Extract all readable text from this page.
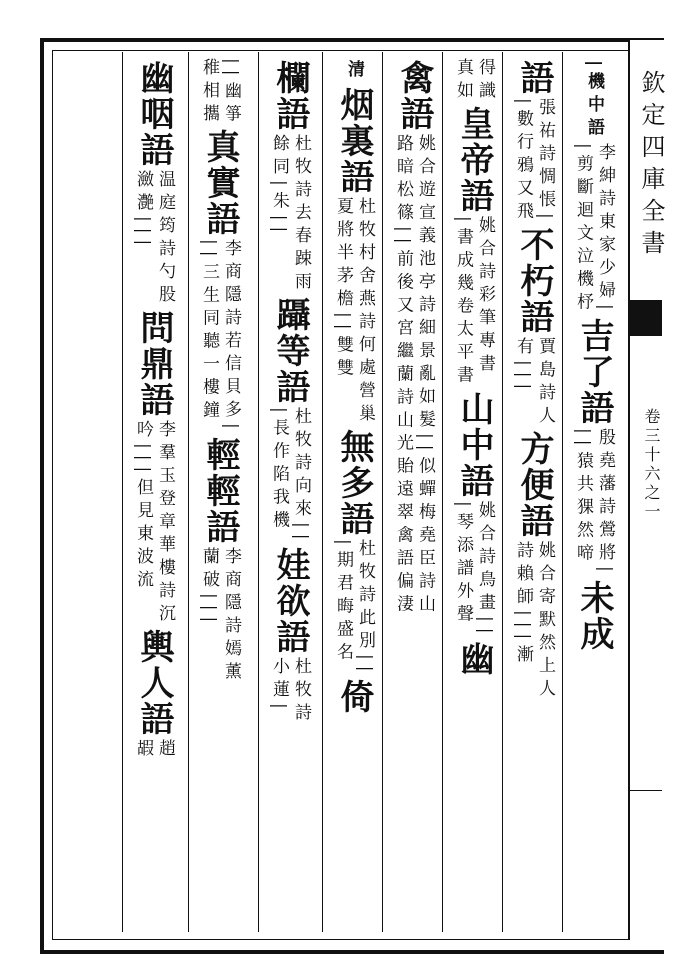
欽定四庫全書
卷三十六之一
|機中語
李紳詩東家少婦|
|剪斷迴文泣機杼
吉了語
殷堯藩詩鶯將|
||猿共猓然啼
未成
語
張祐詩惆悵|
|數行鴉又飛
不朽語
賈島詩人
有|||
方便語
姚合寄默然上人
詩賴師|||漸
得識
真如
皇帝語
姚合詩彩筆專書
|書成幾卷太平書
山中語
姚合詩鳥畫||
|琴添譜外聲
幽
禽語
姚合遊宣義池亭詩細景亂如髮||似蟬梅堯臣詩山
路暗松篠||前後又宮繼蘭詩山光貽遠翠禽語偏淒
清
烟裏語
杜牧村舍燕詩何處營巢
夏將半茅檐||雙雙
無多語
杜牧詩此別||
|期君晦盛名
倚
欄語
杜牧詩去春踈雨
餘同|朱||
躡等語
杜牧詩向來||
|長作陷我機
娃欲語
杜牧詩
小蓮|
||幽箏
稚相攜
真實語
李商隱詩若信貝多|
||三生同聽一樓鐘
輕輕語
李商隱詩嫣薰
蘭破|||
幽咽語
温庭筠詩勺股
瀲灔|||
問鼎語
李羣玉登章華樓詩沉
吟|||但見東波流
輿人語
趙
嘏
